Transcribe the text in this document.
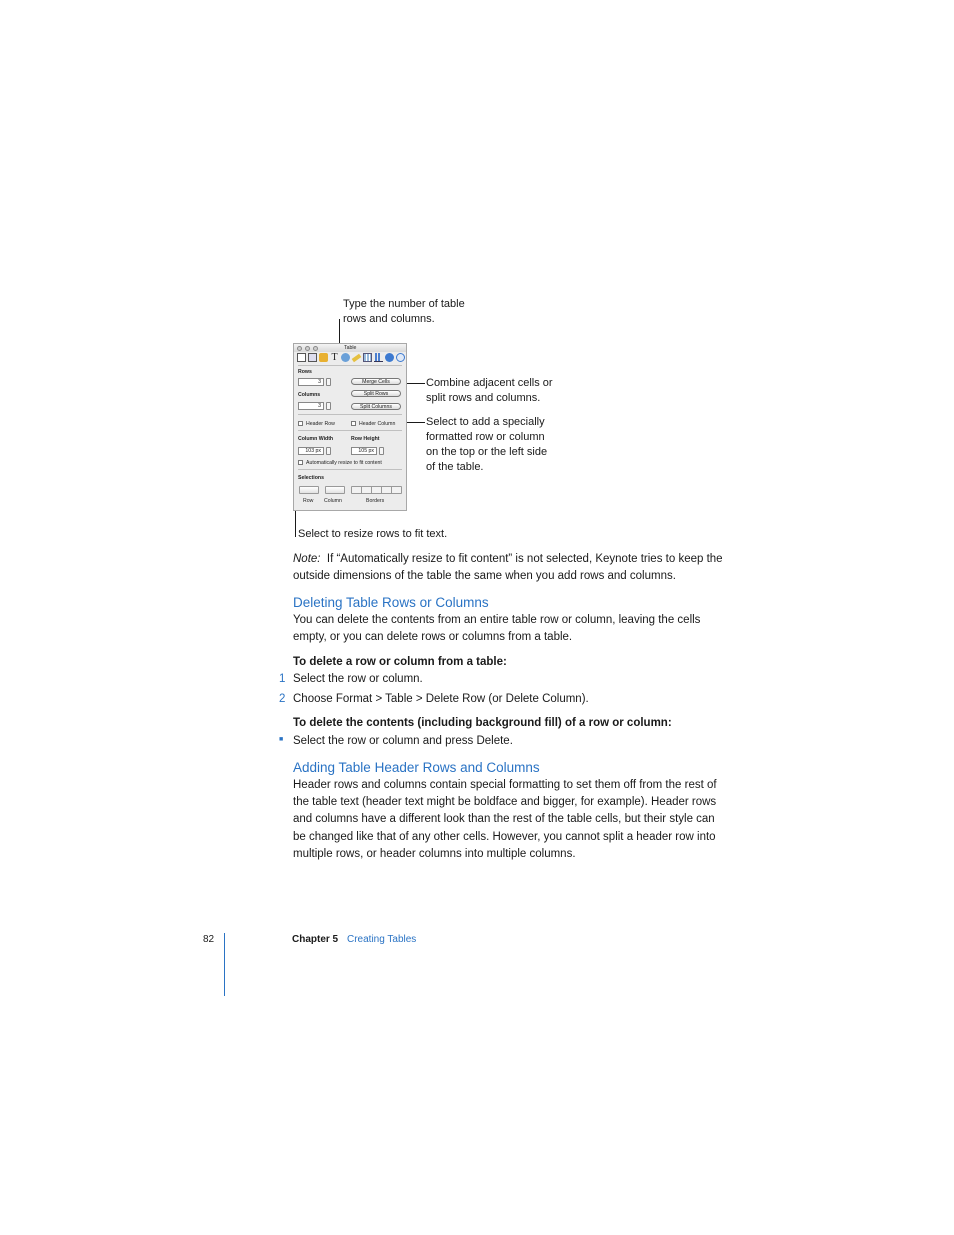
Type the number of table
rows and columns.
Combine adjacent cells or
split rows and columns.
Select to add a specially
formatted row or column
on the top or the left side
of the table.
Select to resize rows to fit text.
Table
T
Rows
3
Columns
3
Merge Cells
Split Rows
Split Columns
Header Row	Header Column
Column Width	Row Height
103 px	105 px
Automatically resize to fit content
Selections
Row Column	Borders
Note: If “Automatically resize to fit content” is not selected, Keynote tries to keep the
outside dimensions of the table the same when you add rows and columns.
Deleting Table Rows or Columns
You can delete the contents from an entire table row or column, leaving the cells
empty, or you can delete rows or columns from a table.
To delete a row or column from a table:
1 Select the row or column.
2 Choose Format > Table > Delete Row (or Delete Column).
To delete the contents (including background fill) of a row or column:
■ Select the row or column and press Delete.
Adding Table Header Rows and Columns
Header rows and columns contain special formatting to set them off from the rest of
the table text (header text might be boldface and bigger, for example). Header rows
and columns have a different look than the rest of the table cells, but their style can
be changed like that of any other cells. However, you cannot split a header row into
multiple rows, or header columns into multiple columns.
82	Chapter 5 Creating Tables
